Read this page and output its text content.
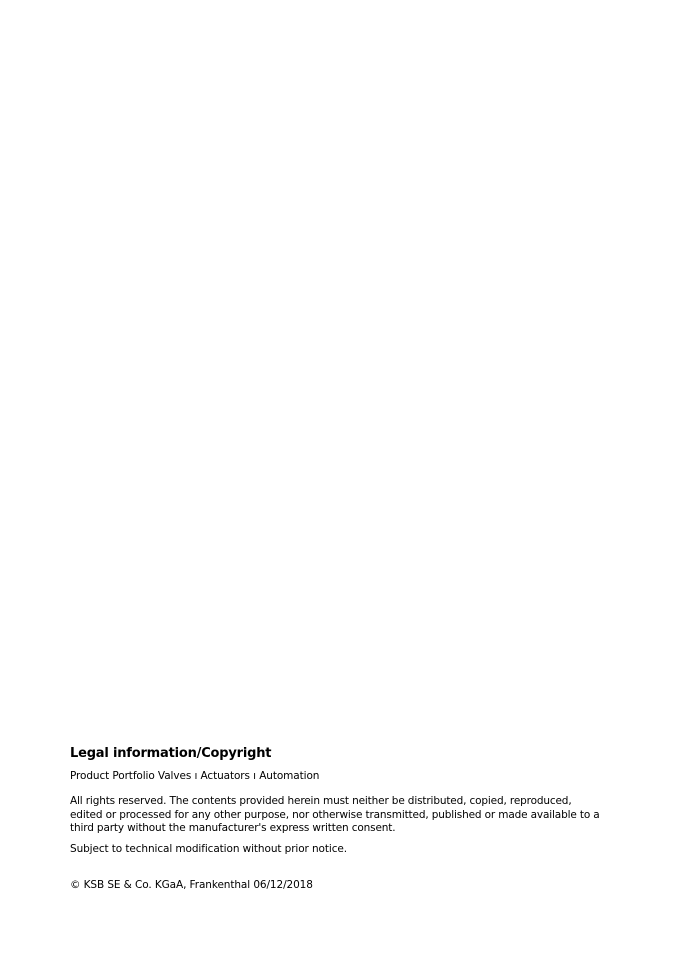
Legal information/Copyright

Product Portfolio Valves ı Actuators ı Automation

All rights reserved. The contents provided herein must neither be distributed, copied, reproduced,
edited or processed for any other purpose, nor otherwise transmitted, published or made available to a
third party without the manufacturer's express written consent.

Subject to technical modification without prior notice.

© KSB SE & Co. KGaA, Frankenthal 06/12/2018
